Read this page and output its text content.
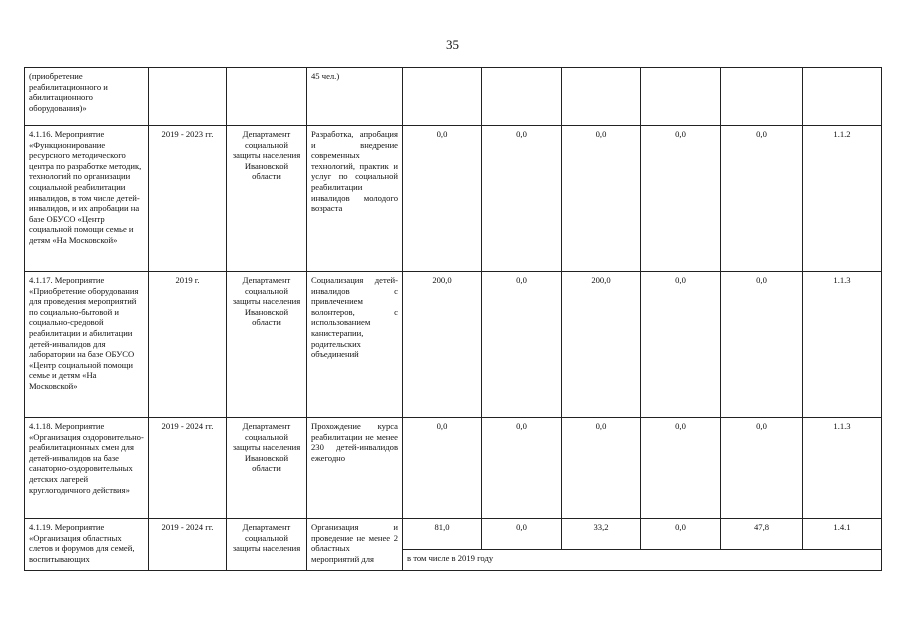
35
(приобретение реабилитационного и абилитационного оборудования)»			45 чел.)						
4.1.16. Мероприятие «Функционирование ресурсного методического центра по разработке методик, технологий по организации социальной реабилитации инвалидов, в том числе детей-инвалидов, и их апробации на базе ОБУСО «Центр социальной помощи семье и детям «На Московской»	2019 - 2023 гг.	Департамент социальной защиты населения Ивановской области	Разработка, апробация и внедрение современных технологий, практик и услуг по социальной реабилитации инвалидов молодого возраста	0,0	0,0	0,0	0,0	0,0	1.1.2
4.1.17. Мероприятие «Приобретение оборудования для проведения мероприятий по социально-бытовой и социально-средовой реабилитации и абилитации детей-инвалидов для лаборатории на базе ОБУСО «Центр социальной помощи семье и детям «На Московской»	2019 г.	Департамент социальной защиты населения Ивановской области	Социализация детей-инвалидов с привлечением волонтеров, с использованием канистерапии, родительских объединений	200,0	0,0	200,0	0,0	0,0	1.1.3
4.1.18. Мероприятие «Организация оздоровительно-реабилитационных смен для детей-инвалидов на базе санаторно-оздоровительных детских лагерей круглогодичного действия»	2019 - 2024 гг.	Департамент социальной защиты населения Ивановской области	Прохождение курса реабилитации не менее 230 детей-инвалидов ежегодно	0,0	0,0	0,0	0,0	0,0	1.1.3
4.1.19. Мероприятие «Организация областных слетов и форумов для семей, воспитывающих	2019 - 2024 гг.	Департамент социальной защиты населения	Организация и проведение не менее 2 областных мероприятий для	81,0	0,0	33,2	0,0	47,8	1.4.1
				в том числе в 2019 году					
